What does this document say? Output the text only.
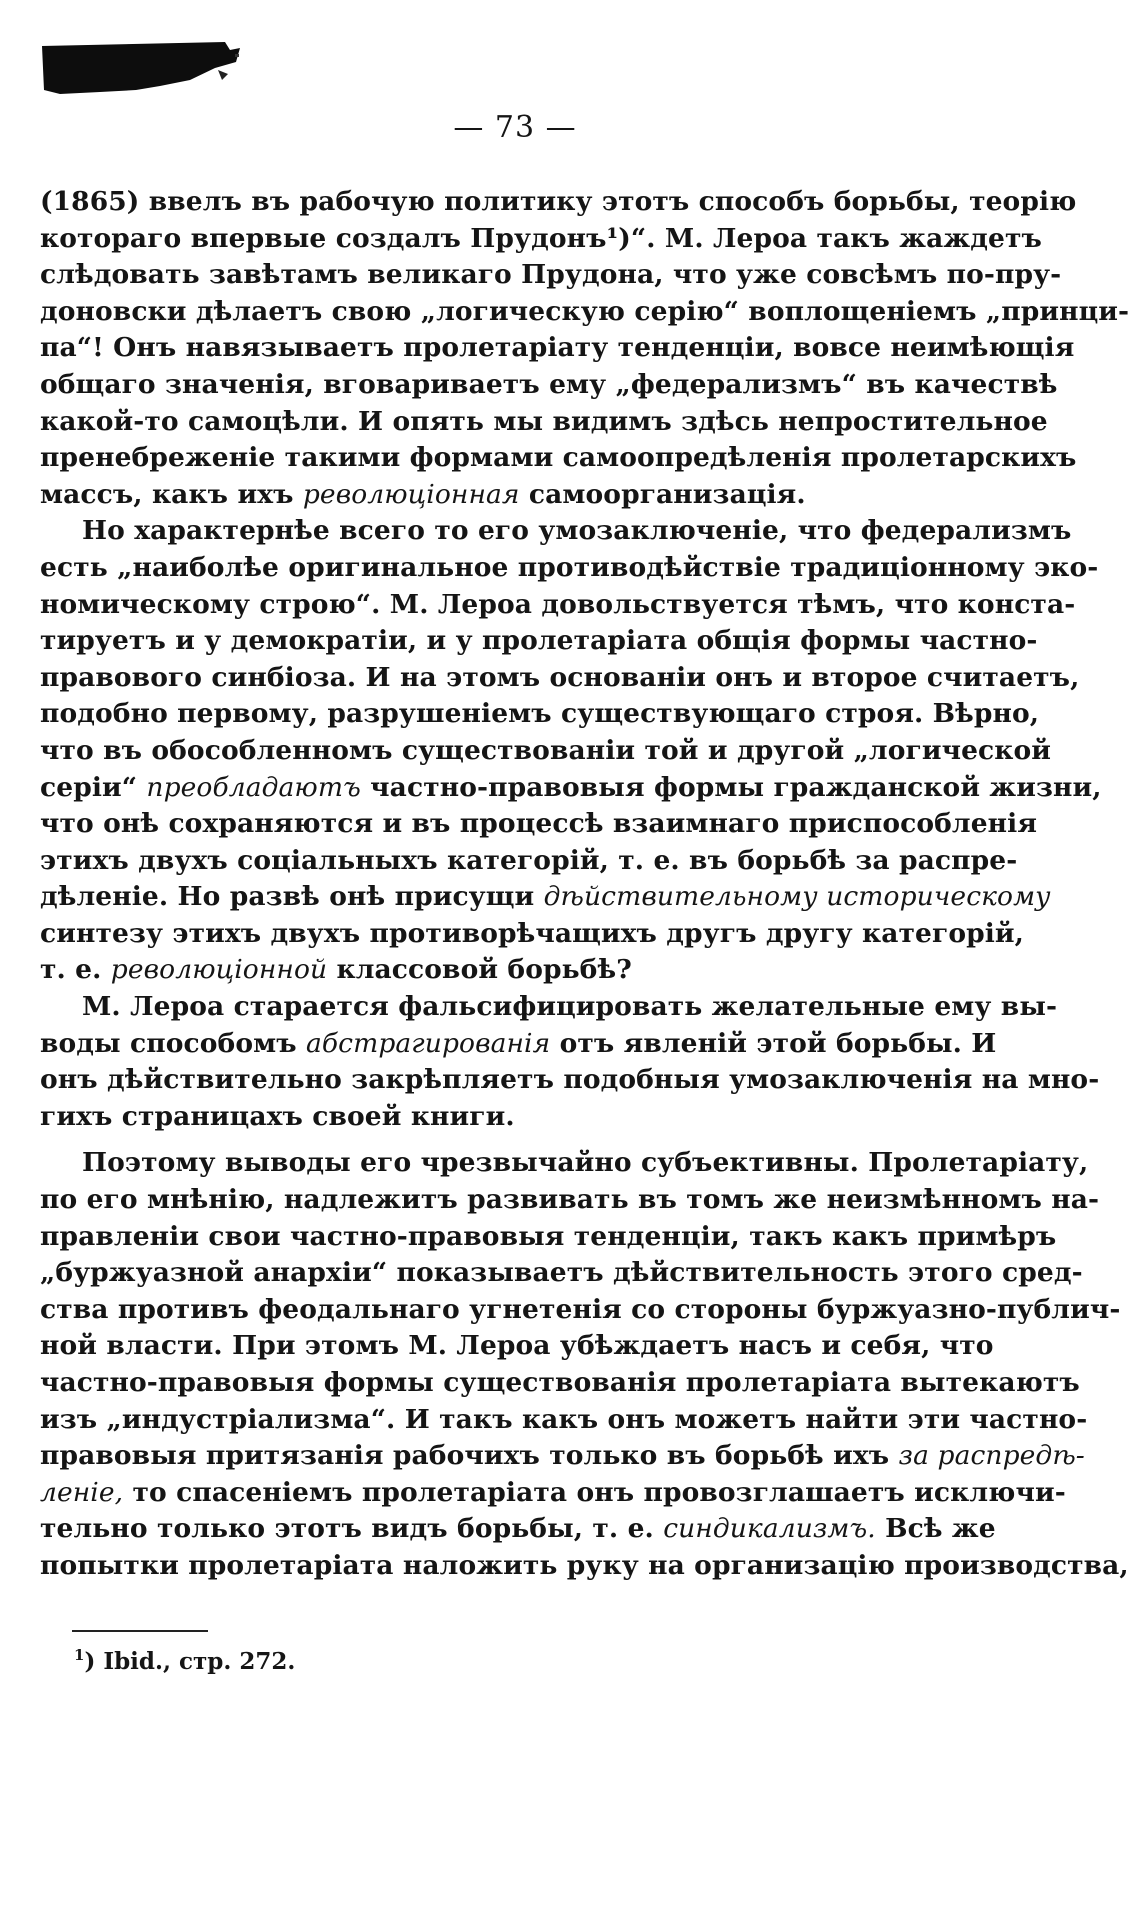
— 73 —
(1865) ввелъ въ рабочую политику этотъ способъ борьбы, теорію
котораго впервые создалъ Прудонъ¹)“. М. Лероа такъ жаждетъ
слѣдовать завѣтамъ великаго Прудона, что уже совсѣмъ по-пру-
доновски дѣлаетъ свою „логическую серію“ воплощеніемъ „принци-
па“! Онъ навязываетъ пролетаріату тенденціи, вовсе неимѣющія
общаго значенія, вговариваетъ ему „федерализмъ“ въ качествѣ
какой-то самоцѣли. И опять мы видимъ здѣсь непростительное
пренебреженіе такими формами самоопредѣленія пролетарскихъ
массъ, какъ ихъ революціонная самоорганизація.
Но характернѣе всего то его умозаключеніе, что федерализмъ
есть „наиболѣе оригинальное противодѣйствіе традиціонному эко-
номическому строю“. М. Лероа довольствуется тѣмъ, что конста-
тируетъ и у демократіи, и у пролетаріата общія формы частно-
правового синбіоза. И на этомъ основаніи онъ и второе считаетъ,
подобно первому, разрушеніемъ существующаго строя. Вѣрно,
что въ обособленномъ существованіи той и другой „логической
серіи“ преобладаютъ частно-правовыя формы гражданской жизни,
что онѣ сохраняются и въ процессѣ взаимнаго приспособленія
этихъ двухъ соціальныхъ категорій, т. е. въ борьбѣ за распре-
дѣленіе. Но развѣ онѣ присущи дѣйствительному историческому
синтезу этихъ двухъ противорѣчащихъ другъ другу категорій,
т. е. революціонной классовой борьбѣ?
М. Лероа старается фальсифицировать желательные ему вы-
воды способомъ абстрагированія отъ явленій этой борьбы. И
онъ дѣйствительно закрѣпляетъ подобныя умозаключенія на мно-
гихъ страницахъ своей книги.
Поэтому выводы его чрезвычайно субъективны. Пролетаріату,
по его мнѣнію, надлежитъ развивать въ томъ же неизмѣнномъ на-
правленіи свои частно-правовыя тенденціи, такъ какъ примѣръ
„буржуазной анархіи“ показываетъ дѣйствительность этого сред-
ства противъ феодальнаго угнетенія со стороны буржуазно-публич-
ной власти. При этомъ М. Лероа убѣждаетъ насъ и себя, что
частно-правовыя формы существованія пролетаріата вытекаютъ
изъ „индустріализма“. И такъ какъ онъ можетъ найти эти частно-
правовыя притязанія рабочихъ только въ борьбѣ ихъ за распредѣ-
леніе, то спасеніемъ пролетаріата онъ провозглашаетъ исключи-
тельно только этотъ видъ борьбы, т. е. синдикализмъ. Всѣ же
попытки пролетаріата наложить руку на организацію производства,
$^1$) Ibid., стр. 272.
